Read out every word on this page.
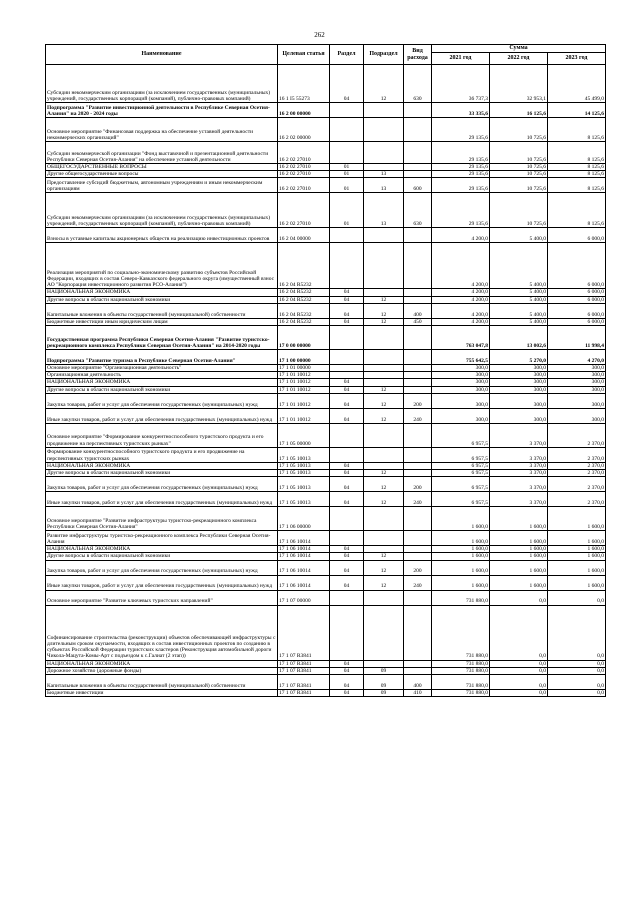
262
Наименование	Целевая статья	Раздел	Подраздел	Вид расхода	Сумма		
					2021 год	2022 год	2023 год
Субсидии некоммерческим организациям (за исключением государственных (муниципальных) учреждений, государственных корпораций (компаний), публично-правовых компаний)	16 1 I5 55273	04	12	630	36 737,3	32 953,1	45 499,0
Подпрограмма "Развитие инвестиционной деятельности в Республике Северная Осетия-Алания" на 2020 - 2024 годы	16 2 00 00000				33 335,6	16 125,6	14 125,6
Основное мероприятие "Финансовая поддержка на обеспечение уставной деятельности некоммерческих организаций"	16 2 02 00000				29 135,6	10 725,6	8 125,6
Субсидии некоммерческой организации "Фонд выставочной и презентационной деятельности Республики Северная Осетия-Алания" на обеспечение уставной деятельности	16 2 02 27010				29 135,6	10 725,6	8 125,6
ОБЩЕГОСУДАРСТВЕННЫЕ ВОПРОСЫ	16 2 02 27010	01			29 135,6	10 725,6	8 125,6
Другие общегосударственные вопросы	16 2 02 27010	01	13		29 135,6	10 725,6	8 125,6
Предоставление субсидий бюджетным, автономным учреждениям и иным некоммерческим организациям	16 2 02 27010	01	13	600	29 135,6	10 725,6	8 125,6
Субсидии некоммерческим организациям (за исключением государственных (муниципальных) учреждений, государственных корпораций (компаний), публично-правовых компаний)	16 2 02 27010	01	13	630	29 135,6	10 725,6	8 125,6
Взносы в уставные капиталы акционерных обществ на реализацию инвестиционных проектов	16 2 04 00000				4 200,0	5 400,0	6 000,0
Реализация мероприятий по социально-экономическому развитию субъектов Российской Федерации, входящих в состав Северо-Кавказского федерального округа (имущественный взнос АО "Корпорация инвестиционного развития РСО-Алания")	16 2 04 R5232				4 200,0	5 400,0	6 000,0
НАЦИОНАЛЬНАЯ ЭКОНОМИКА	16 2 04 R5232	04			4 200,0	5 400,0	6 000,0
Другие вопросы в области национальной экономики	16 2 04 R5232	04	12		4 200,0	5 400,0	6 000,0
Капитальные вложения в объекты государственной (муниципальной) собственности	16 2 04 R5232	04	12	400	4 200,0	5 400,0	6 000,0
Бюджетные инвестиции иным юридическим лицам	16 2 04 R5232	04	12	450	4 200,0	5 400,0	6 000,0
Государственная программа Республики Северная Осетия-Алания "Развитие туристско-рекреационного комплекса Республики Северная Осетия-Алания" на 2014-2020 годы	17 0 00 00000				763 047,8	13 002,6	11 998,4
Подпрограмма "Развитие туризма в Республике Северная Осетия-Алания"	17 1 00 00000				755 642,5	5 270,0	4 270,0
Основное мероприятие "Организационная деятельность"	17 1 01 00000				300,0	300,0	300,0
Организационная деятельность	17 1 01 10012				300,0	300,0	300,0
НАЦИОНАЛЬНАЯ ЭКОНОМИКА	17 1 01 10012	04			300,0	300,0	300,0
Другие вопросы в области национальной экономики	17 1 01 10012	04	12		300,0	300,0	300,0
Закупка товаров, работ и услуг для обеспечения государственных (муниципальных) нужд	17 1 01 10012	04	12	200	300,0	300,0	300,0
Иные закупки товаров, работ и услуг для обеспечения государственных (муниципальных) нужд	17 1 01 10012	04	12	240	300,0	300,0	300,0
Основное мероприятие "Формирование конкурентноспособного туристского продукта и его продвижение на перспективных туристских рынках"	17 1 05 00000				6 957,5	3 370,0	2 370,0
Формирование конкурентноспособного туристского продукта и его продвижение на перспективных туристских рынках	17 1 05 10013				6 957,5	3 370,0	2 370,0
НАЦИОНАЛЬНАЯ ЭКОНОМИКА	17 1 05 10013	04			6 957,5	3 370,0	2 370,0
Другие вопросы в области национальной экономики	17 1 05 10013	04	12		6 957,5	3 370,0	2 370,0
Закупка товаров, работ и услуг для обеспечения государственных (муниципальных) нужд	17 1 05 10013	04	12	200	6 957,5	3 370,0	2 370,0
Иные закупки товаров, работ и услуг для обеспечения государственных (муниципальных) нужд	17 1 05 10013	04	12	240	6 957,5	3 370,0	2 370,0
Основное мероприятие "Развитие инфраструктуры туристско-рекреационного комплекса Республики Северная Осетия-Алания"	17 1 06 00000				1 600,0	1 600,0	1 600,0
Развитие инфраструктуры туристско-рекреационного комплекса Республики Северная Осетия-Алания	17 1 06 10014				1 600,0	1 600,0	1 600,0
НАЦИОНАЛЬНАЯ ЭКОНОМИКА	17 1 06 10014	04			1 600,0	1 600,0	1 600,0
Другие вопросы в области национальной экономики	17 1 06 10014	04	12		1 600,0	1 600,0	1 600,0
Закупка товаров, работ и услуг для обеспечения государственных (муниципальных) нужд	17 1 06 10014	04	12	200	1 600,0	1 600,0	1 600,0
Иные закупки товаров, работ и услуг для обеспечения государственных (муниципальных) нужд	17 1 06 10014	04	12	240	1 600,0	1 600,0	1 600,0
Основное мероприятие "Развитие ключевых туристских направлений"	17 1 07 00000				731 880,0	0,0	0,0
Софинансирование строительства (реконструкции) объектов обеспечивающей инфраструктуры с длительным сроком окупаемости, входящих в состав инвестиционных проектов по созданию в субъектах Российской Федерации туристских кластеров (Реконструкция автомобильной дороги Чикола-Мацута-Комы-Арт с подъездом к с.Галиат (2 этап))	17 1 07 R3841				731 880,0	0,0	0,0
НАЦИОНАЛЬНАЯ ЭКОНОМИКА	17 1 07 R3841	04			731 880,0	0,0	0,0
Дорожное хозяйство (дорожные фонды)	17 1 07 R3841	04	09		731 880,0	0,0	0,0
Капитальные вложения в объекты государственной (муниципальной) собственности	17 1 07 R3841	04	09	400	731 880,0	0,0	0,0
Бюджетные инвестиции	17 1 07 R3841	04	09	410	731 880,0	0,0	0,0
